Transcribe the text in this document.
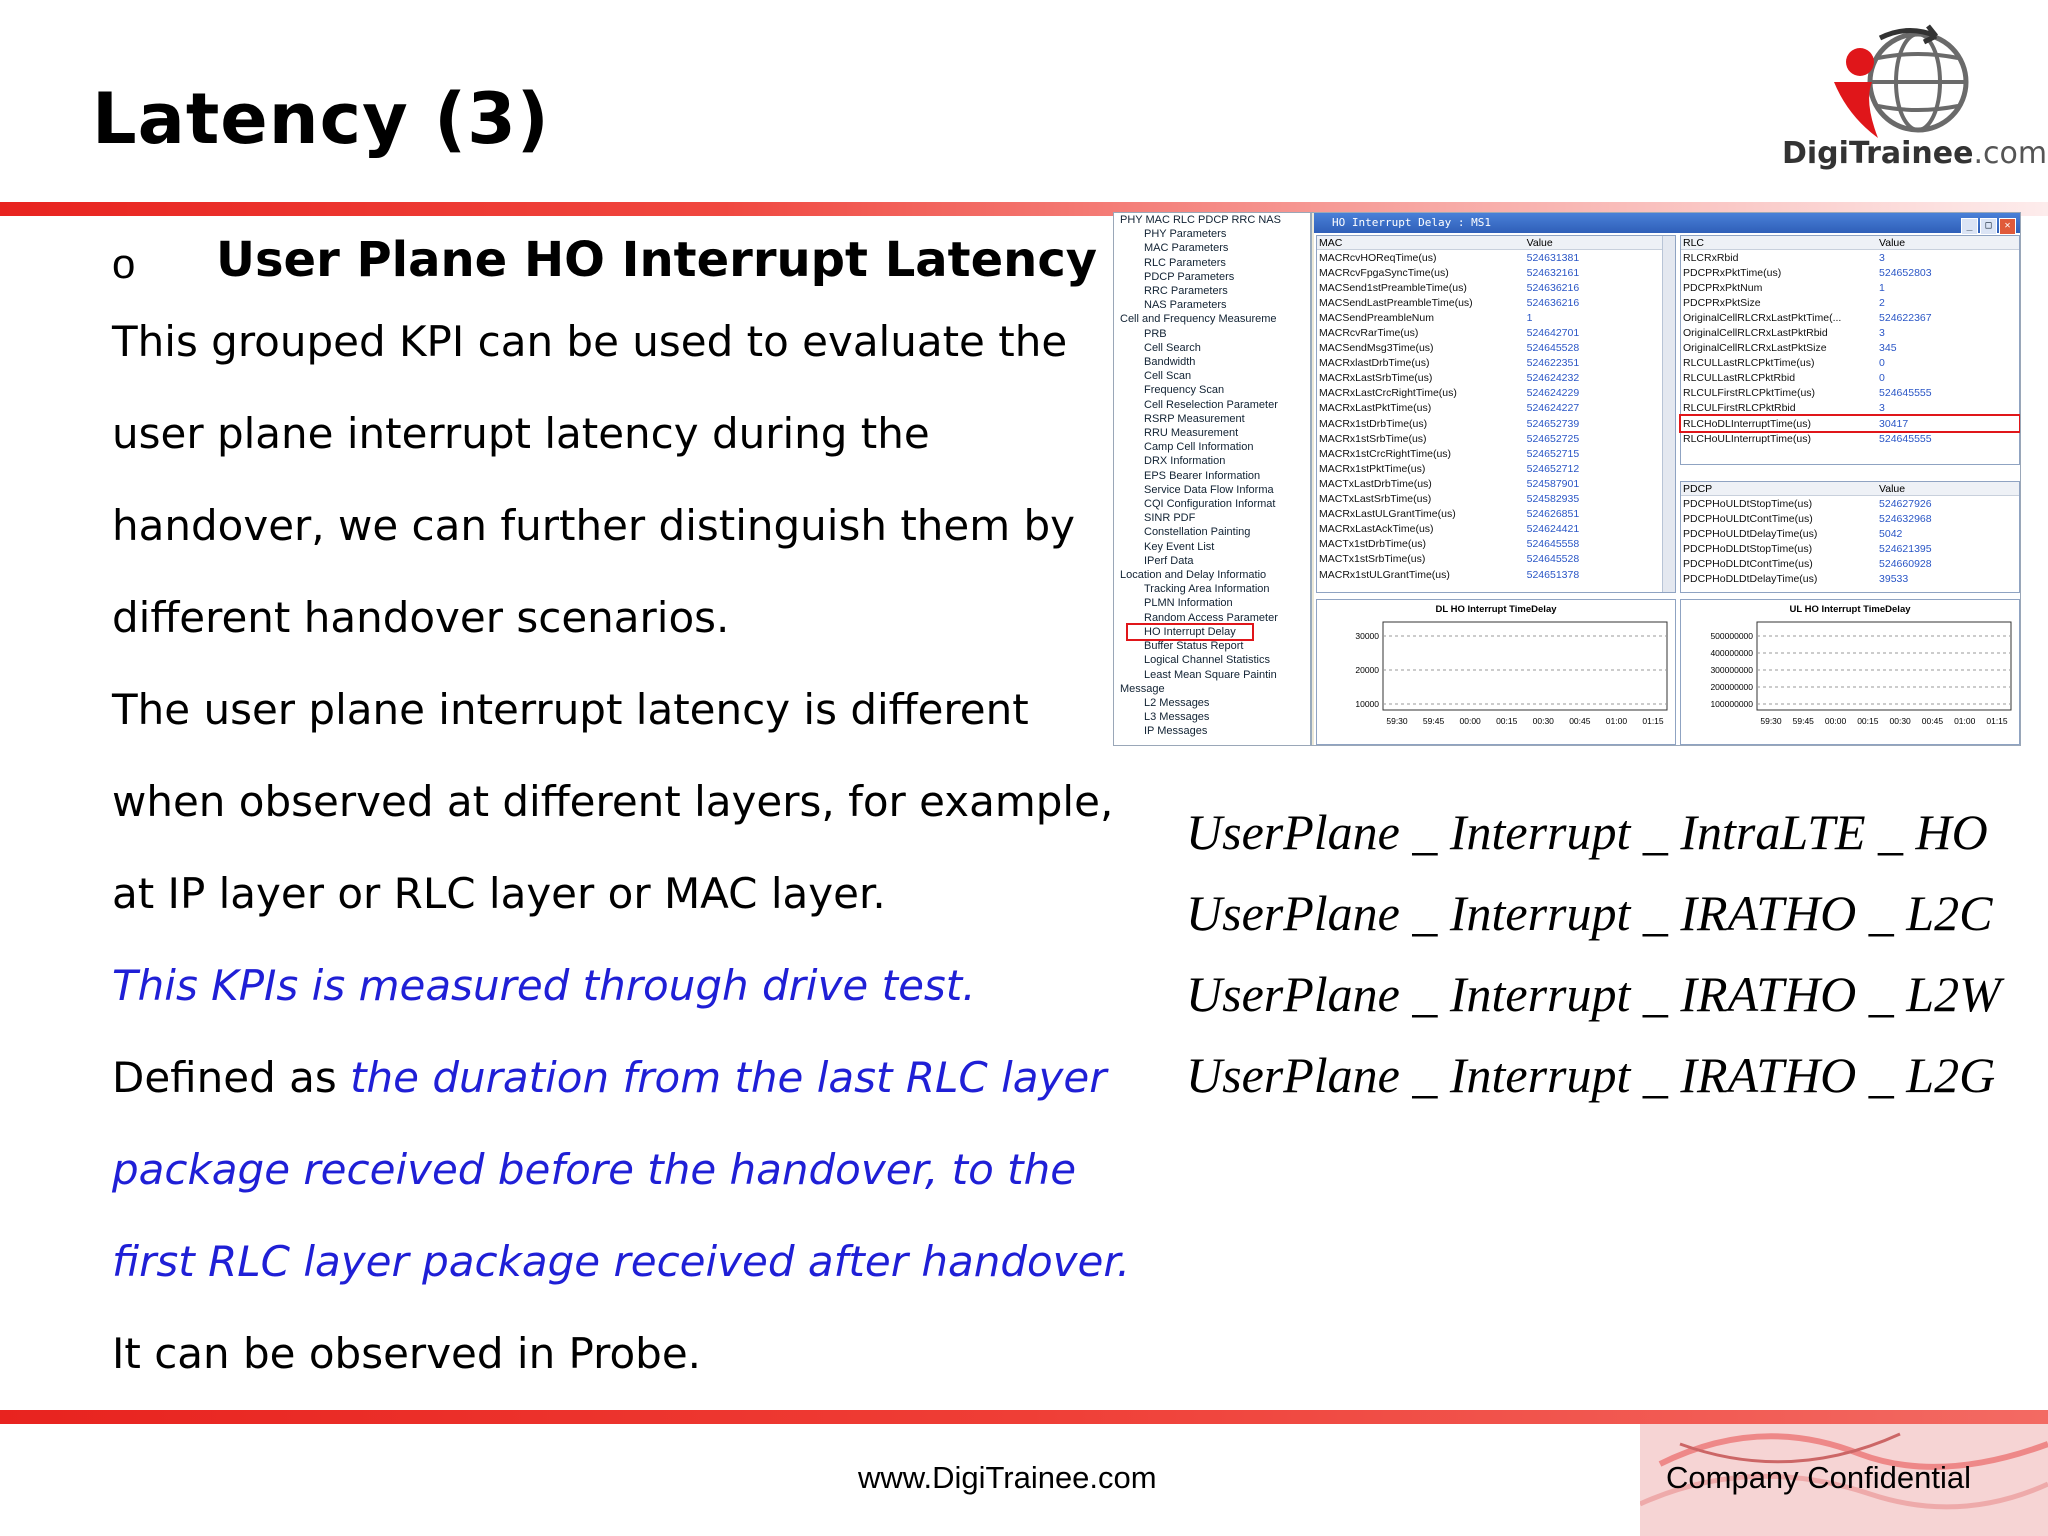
Latency (3)	DigiTrainee.com
o User Plane HO Interrupt Latency

This grouped KPI can be used to evaluate the

user plane interrupt latency during the

handover, we can further distinguish them by

different handover scenarios.

The user plane interrupt latency is different

when observed at different layers, for example,

at IP layer or RLC layer or MAC layer.

This KPIs is measured through drive test.

Defined as the duration from the last RLC layer

package received before the handover, to the

first RLC layer package received after handover.

It can be observed in Probe.

PHY MAC RLC PDCP RRC NAS
PHY Parameters
MAC Parameters
RLC Parameters
PDCP Parameters
RRC Parameters
NAS Parameters
Cell and Frequency Measureme
PRB
Cell Search
Bandwidth
Cell Scan
Frequency Scan
Cell Reselection Parameter
RSRP Measurement
RRU Measurement
Camp Cell Information
DRX Information
EPS Bearer Information
Service Data Flow Informa
CQI Configuration Informat
SINR PDF
Constellation Painting
Key Event List
IPerf Data
Location and Delay Informatio
Tracking Area Information
PLMN Information
Random Access Parameter
HO Interrupt Delay
Buffer Status Report
Logical Channel Statistics
Least Mean Square Paintin
Message
L2 Messages
L3 Messages
IP Messages
HO Interrupt Delay : MS1	_ □ ✕
MAC	Value
MACRcvHOReqTime(us)	524631381
MACRcvFpgaSyncTime(us)	524632161
MACSend1stPreambleTime(us)	524636216
MACSendLastPreambleTime(us)	524636216
MACSendPreambleNum	1
MACRcvRarTime(us)	524642701
MACSendMsg3Time(us)	524645528
MACRxlastDrbTime(us)	524622351
MACRxLastSrbTime(us)	524624232
MACRxLastCrcRightTime(us)	524624229
MACRxLastPktTime(us)	524624227
MACRx1stDrbTime(us)	524652739
MACRx1stSrbTime(us)	524652725
MACRx1stCrcRightTime(us)	524652715
MACRx1stPktTime(us)	524652712
MACTxLastDrbTime(us)	524587901
MACTxLastSrbTime(us)	524582935
MACRxLastULGrantTime(us)	524626851
MACRxLastAckTime(us)	524624421
MACTx1stDrbTime(us)	524645558
MACTx1stSrbTime(us)	524645528
MACRx1stULGrantTime(us)	524651378
RLC	Value
RLCRxRbid	3
PDCPRxPktTime(us)	524652803
PDCPRxPktNum	1
PDCPRxPktSize	2
OriginalCellRLCRxLastPktTime(...	524622367
OriginalCellRLCRxLastPktRbid	3
OriginalCellRLCRxLastPktSize	345
RLCULLastRLCPktTime(us)	0
RLCULLastRLCPktRbid	0
RLCULFirstRLCPktTime(us)	524645555
RLCULFirstRLCPktRbid	3
RLCHoDLInterruptTime(us)	30417
RLCHoULInterruptTime(us)	524645555
PDCP	Value
PDCPHoULDtStopTime(us)	524627926
PDCPHoULDtContTime(us)	524632968
PDCPHoULDtDelayTime(us)	5042
PDCPHoDLDtStopTime(us)	524621395
PDCPHoDLDtContTime(us)	524660928
PDCPHoDLDtDelayTime(us)	39533
DL HO Interrupt TimeDelay
30000
20000
10000
59:30 59:45 00:00 00:15 00:30 00:45 01:00 01:15
UL HO Interrupt TimeDelay
500000000
400000000
300000000
200000000
100000000
59:30 59:45 00:00 00:15 00:30 00:45 01:00 01:15

UserPlane _ Interrupt _ IntraLTE _ HO

UserPlane _ Interrupt _ IRATHO _ L2C

UserPlane _ Interrupt _ IRATHO _ L2W

UserPlane _ Interrupt _ IRATHO _ L2G

www.DigiTrainee.com	Company Confidential
